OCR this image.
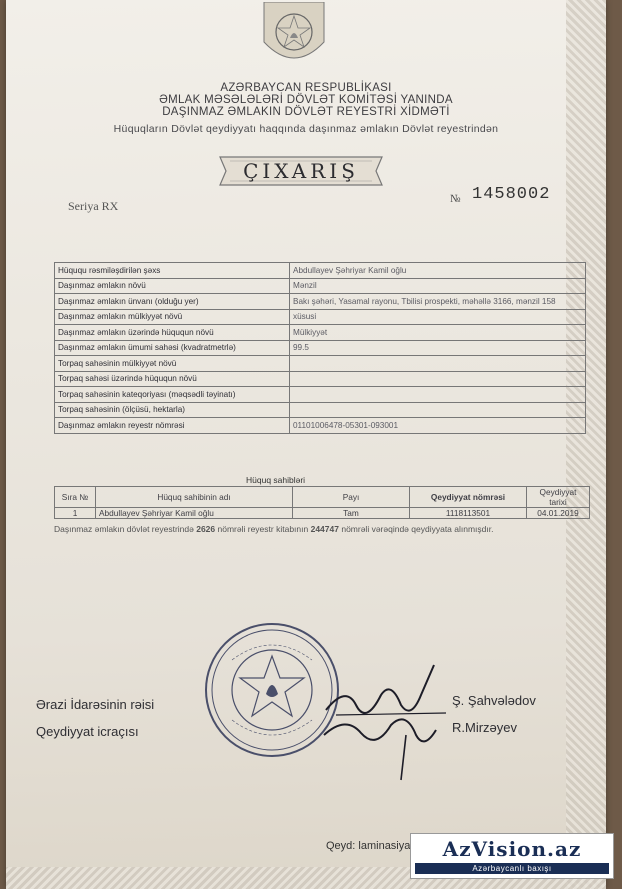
AZƏRBAYCAN RESPUBLİKASI
ƏMLAK MƏSƏLƏLƏRİ DÖVLƏT KOMİTƏSİ YANINDA
DAŞINMAZ ƏMLAKIN DÖVLƏT REYESTRİ XİDMƏTİ
Hüquqların Dövlət qeydiyyatı haqqında daşınmaz əmlakın Dövlət reyestrindən
ÇIXARIŞ
Seriya RX	№ 1458002
Hüququ rəsmiləşdirilən şəxs	Abdullayev Şəhriyar Kamil oğlu
Daşınmaz əmlakın növü	Mənzil
Daşınmaz əmlakın ünvanı (olduğu yer)	Bakı şəhəri, Yasamal rayonu, Tbilisi prospekti, məhəllə 3166, mənzil 158
Daşınmaz əmlakın mülkiyyət növü	xüsusi
Daşınmaz əmlakın üzərində hüququn növü	Mülkiyyət
Daşınmaz əmlakın ümumi sahəsi (kvadratmetrlə)	99.5
Torpaq sahəsinin mülkiyyət növü	
Torpaq sahəsi üzərində hüququn növü	
Torpaq sahəsinin kateqoriyası (məqsədli təyinatı)	
Torpaq sahəsinin (ölçüsü, hektarla)	
Daşınmaz əmlakın reyestr nömrəsi	01101006478-05301-093001
Hüquq sahibləri
Sıra №	Hüquq sahibinin adı	Payı	Qeydiyyat nömrəsi	Qeydiyyat tarixi
1	Abdullayev Şəhriyar Kamil oğlu	Tam	1118113501	04.01.2019
Daşınmaz əmlakın dövlət reyestrində 2626 nömrəli reyestr kitabının 244747 nömrəli vərəqində qeydiyyata alınmışdır.
Ərazi İdarəsinin rəisi
Qeydiyyat icraçısı
Ş. Şahvələdov
R.Mirzəyev
Qeyd: laminasiya	AzVision.az
Azərbaycanlı baxışı
